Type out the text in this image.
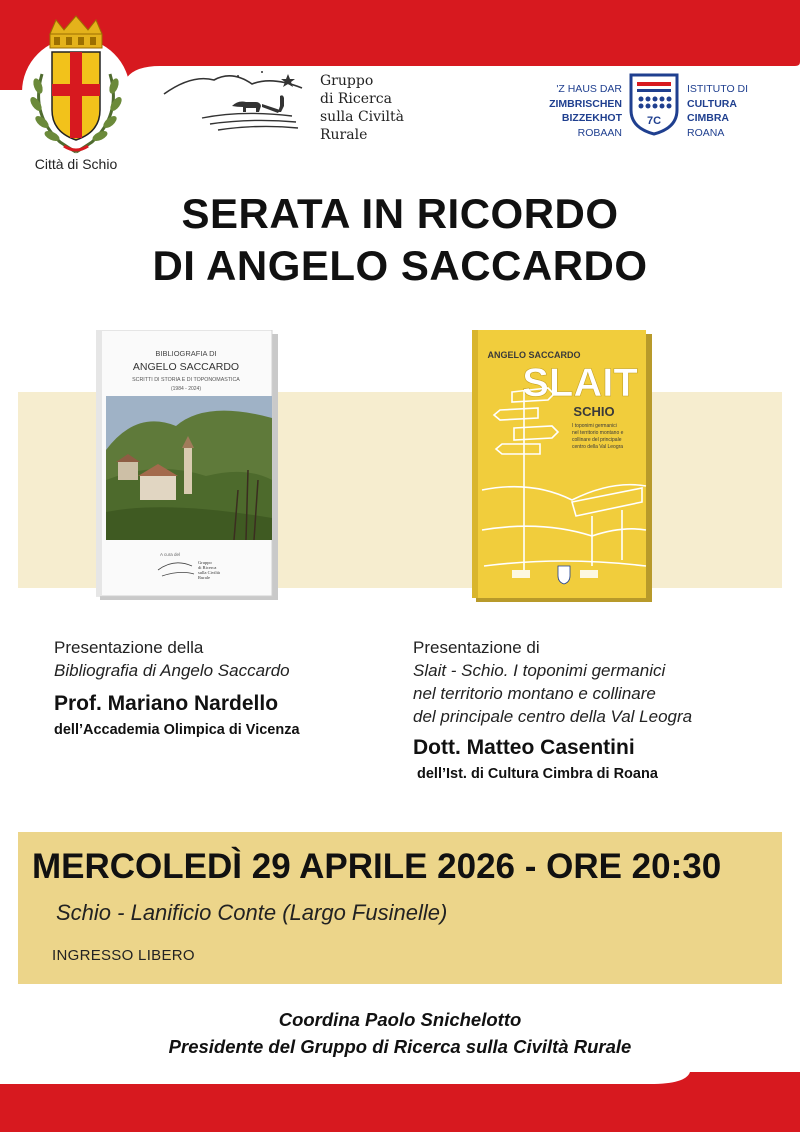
Città di Schio
Gruppo
di Ricerca
sulla Civiltà
Rurale
'Z HAUS DAR
ZIMBRISCHEN
BIZZEKHOT
ROBAAN
7C
ISTITUTO DI
CULTURA
CIMBRA
ROANA
SERATA IN RICORDO
DI ANGELO SACCARDO
BIBLIOGRAFIA DI
ANGELO SACCARDO
SCRITTI DI STORIA E DI TOPONOMASTICA
(1984 - 2024)
A cura del
Gruppo
di Ricerca
sulla Civiltà
Rurale
ANGELO SACCARDO
SLAIT
SCHIO
I toponimi germanici
nel territorio montano e
collinare del principale
centro della Val Leogra
Presentazione della
Bibliografia di Angelo Saccardo
Prof. Mariano Nardello
dell’Accademia Olimpica di Vicenza
Presentazione di
Slait - Schio. I toponimi germanici
nel territorio montano e collinare
del principale centro della Val Leogra
Dott. Matteo Casentini
dell’Ist. di Cultura Cimbra di Roana
MERCOLEDÌ 29 APRILE 2026 - ORE 20:30
Schio - Lanificio Conte (Largo Fusinelle)
INGRESSO LIBERO
Coordina Paolo Snichelotto
Presidente del Gruppo di Ricerca sulla Civiltà Rurale
